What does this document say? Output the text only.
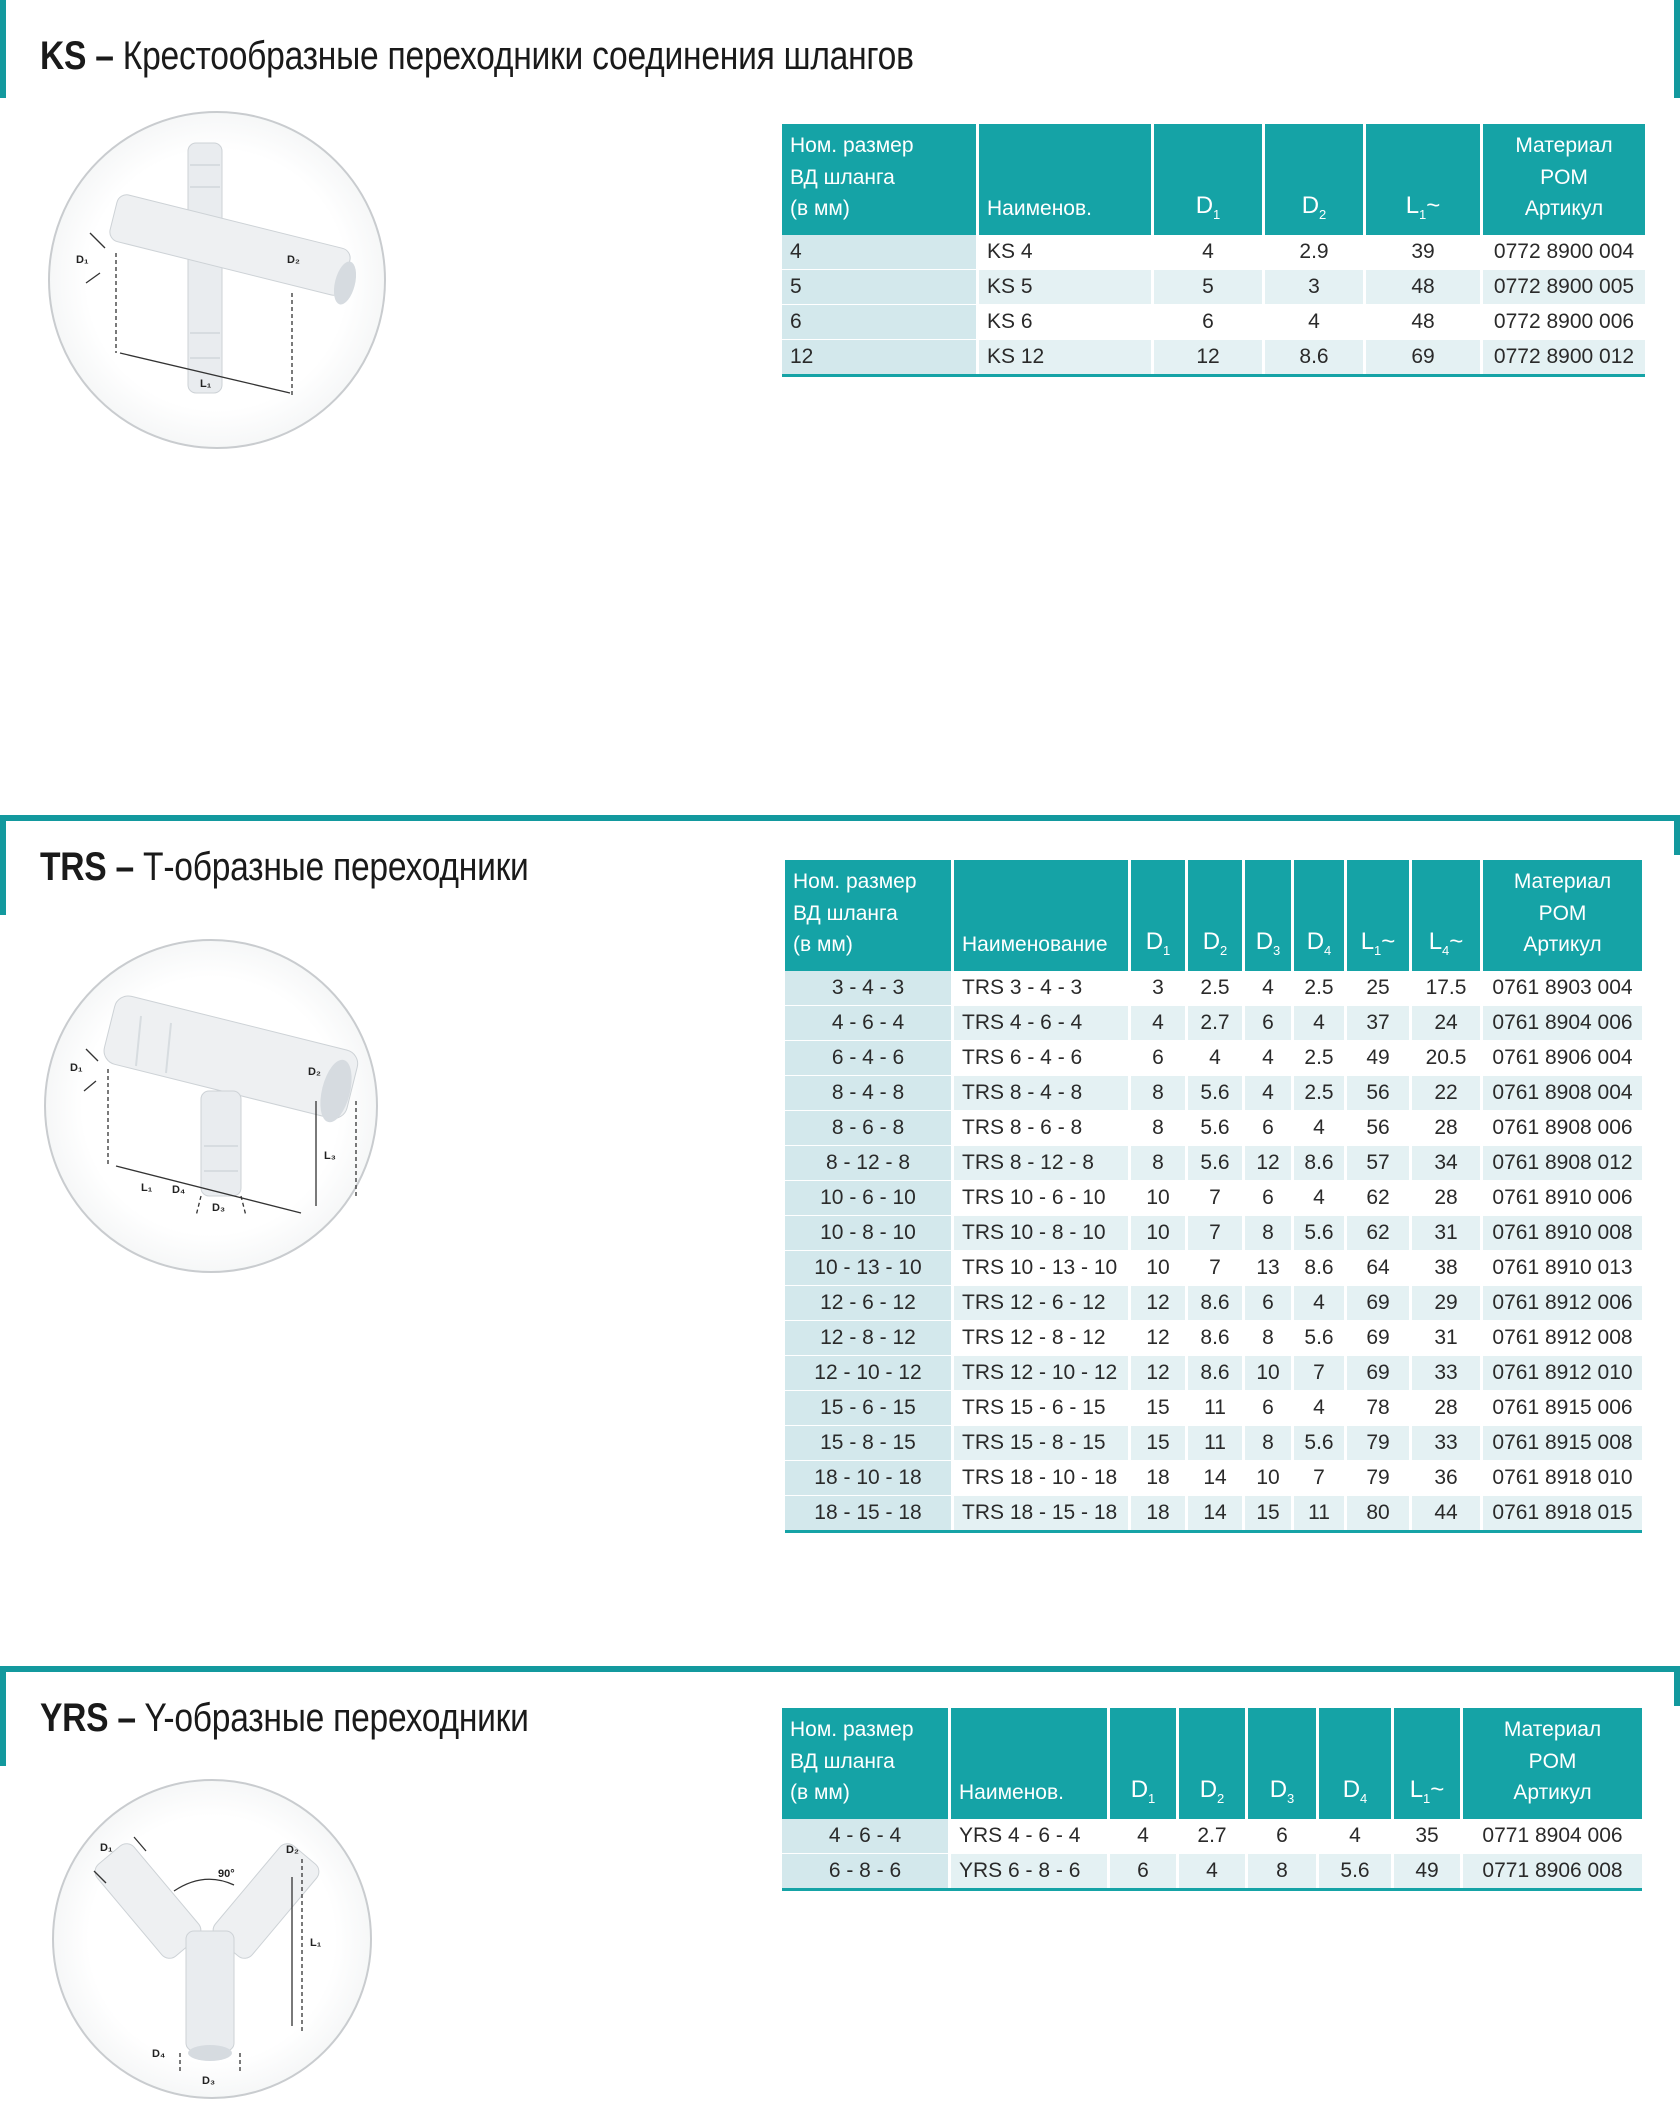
KS – Крестообразные переходники соединения шлангов
D₁	D₂
L₁
Ном. размер
ВД шланга
(в мм)	Наименов.	$D_1$	$D_2$	$L_1\sim$	Материал
POM
Артикул
4	KS 4	4	2.9	39	0772 8900 004
5	KS 5	5	3	48	0772 8900 005
6	KS 6	6	4	48	0772 8900 006
12	KS 12	12	8.6	69	0772 8900 012
TRS – Т-образные переходники
D₁	D₂
D₃
D₄
L₁
L₃
Ном. размер
ВД шланга
(в мм)	Наименование	$D_1$	$D_2$	$D_3$	$D_4$	$L_1\sim$	$L_4\sim$	Материал
POM
Артикул
3 - 4 - 3	TRS 3 - 4 - 3	3	2.5	4	2.5	25	17.5	0761 8903 004
4 - 6 - 4	TRS 4 - 6 - 4	4	2.7	6	4	37	24	0761 8904 006
6 - 4 - 6	TRS 6 - 4 - 6	6	4	4	2.5	49	20.5	0761 8906 004
8 - 4 - 8	TRS 8 - 4 - 8	8	5.6	4	2.5	56	22	0761 8908 004
8 - 6 - 8	TRS 8 - 6 - 8	8	5.6	6	4	56	28	0761 8908 006
8 - 12 - 8	TRS 8 - 12 - 8	8	5.6	12	8.6	57	34	0761 8908 012
10 - 6 - 10	TRS 10 - 6 - 10	10	7	6	4	62	28	0761 8910 006
10 - 8 - 10	TRS 10 - 8 - 10	10	7	8	5.6	62	31	0761 8910 008
10 - 13 - 10	TRS 10 - 13 - 10	10	7	13	8.6	64	38	0761 8910 013
12 - 6 - 12	TRS 12 - 6 - 12	12	8.6	6	4	69	29	0761 8912 006
12 - 8 - 12	TRS 12 - 8 - 12	12	8.6	8	5.6	69	31	0761 8912 008
12 - 10 - 12	TRS 12 - 10 - 12	12	8.6	10	7	69	33	0761 8912 010
15 - 6 - 15	TRS 15 - 6 - 15	15	11	6	4	78	28	0761 8915 006
15 - 8 - 15	TRS 15 - 8 - 15	15	11	8	5.6	79	33	0761 8915 008
18 - 10 - 18	TRS 18 - 10 - 18	18	14	10	7	79	36	0761 8918 010
18 - 15 - 18	TRS 18 - 15 - 18	18	14	15	11	80	44	0761 8918 015
YRS – Y-образные переходники
D₁	D₂
D₃
D₄
L₁
90°
Ном. размер
ВД шланга
(в мм)	Наименов.	$D_1$	$D_2$	$D_3$	$D_4$	$L_1\sim$	Материал
POM
Артикул
4 - 6 - 4	YRS 4 - 6 - 4	4	2.7	6	4	35	0771 8904 006
6 - 8 - 6	YRS 6 - 8 - 6	6	4	8	5.6	49	0771 8906 008
